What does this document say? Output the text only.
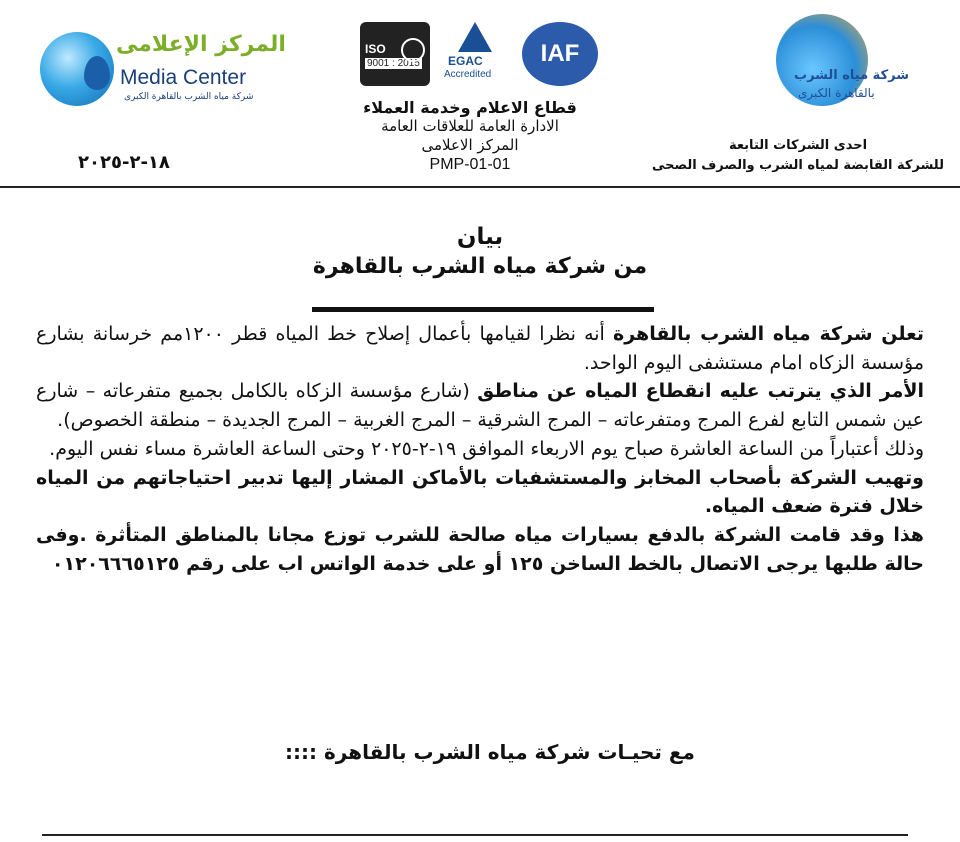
المركز الإعلامى
Media Center
شركة مياه الشرب بالقاهرة الكبرى
ISO
9001 : 2015 EGAC
Accredited
IAF
شركة مياه الشرب
بالقاهرة الكبرى
قطاع الاعلام وخدمة العملاء
الادارة العامة للعلاقات العامة
المركز الاعلامى
PMP-01-01
احدى الشركات التابعة
للشركة القابضة لمياه الشرب والصرف الصحى
١٨-٢-٢٠٢٥
بيان
من شركة مياه الشرب بالقاهرة

تعلن شركة مياه الشرب بالقاهرة أنه نظرا لقيامها بأعمال إصلاح خط المياه قطر ١٢٠٠مم خرسانة بشارع مؤسسة الزكاه امام مستشفى اليوم الواحد.

الأمر الذي يترتب عليه انقطاع المياه عن مناطق (شارع مؤسسة الزكاه بالكامل بجميع متفرعاته – شارع عين شمس التابع لفرع المرج ومتفرعاته – المرج الشرقية – المرج الغربية – المرج الجديدة – منطقة الخصوص).

وذلك أعتباراً من الساعة العاشرة صباح يوم الاربعاء الموافق ١٩-٢-٢٠٢٥ وحتى الساعة العاشرة مساء نفس اليوم.

وتهيب الشركة بأصحاب المخابز والمستشفيات بالأماكن المشار إليها تدبير احتياجاتهم من المياه خلال فترة ضعف المياه.

هذا وقد قامت الشركة بالدفع بسيارات مياه صالحة للشرب توزع مجانا بالمناطق المتأثرة .وفى حالة طلبها يرجى الاتصال بالخط الساخن ١٢٥ أو على خدمة الواتس اب على رقم ٠١٢٠٦٦٦٥١٢٥

مع تحيـات شركة مياه الشرب بالقاهرة ::::
